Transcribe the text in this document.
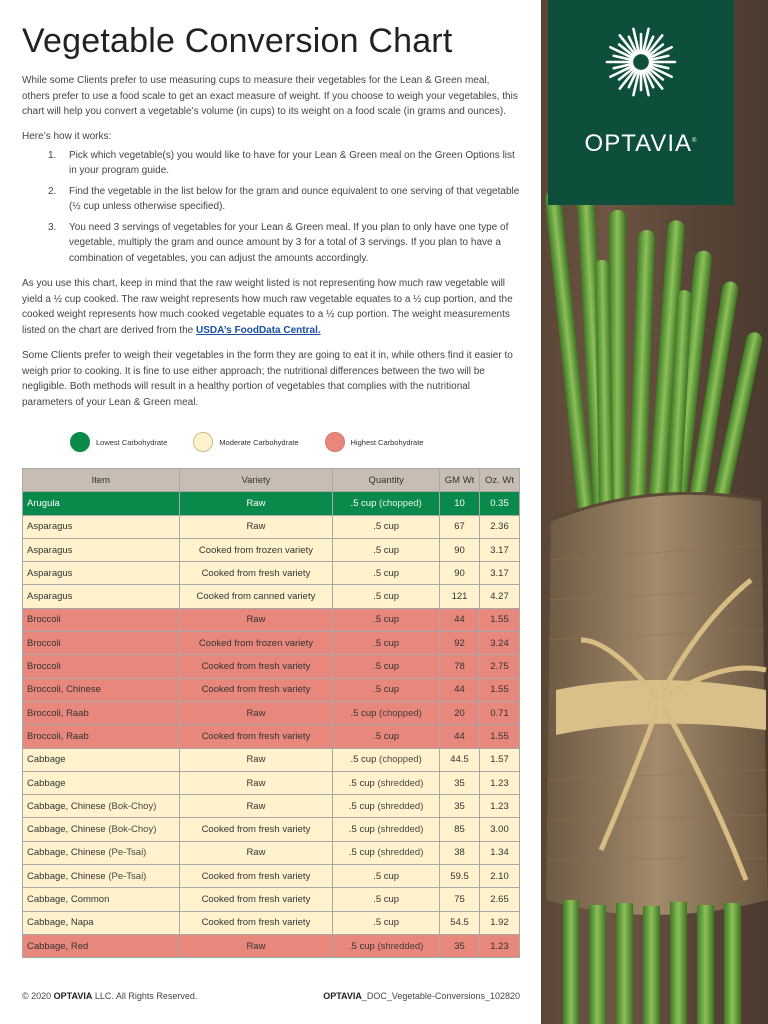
Vegetable Conversion Chart

While some Clients prefer to use measuring cups to measure their vegetables for the Lean & Green meal, others prefer to use a food scale to get an exact measure of weight. If you choose to weigh your vegetables, this chart will help you convert a vegetable’s volume (in cups) to its weight on a food scale (in grams and ounces).

Here’s how it works:

1. Pick which vegetable(s) you would like to have for your Lean & Green meal on the Green Options list in your program guide.
2. Find the vegetable in the list below for the gram and ounce equivalent to one serving of that vegetable (½ cup unless otherwise specified).
3. You need 3 servings of vegetables for your Lean & Green meal. If you plan to only have one type of vegetable, multiply the gram and ounce amount by 3 for a total of 3 servings. If you plan to have a combination of vegetables, you can adjust the amounts accordingly.

As you use this chart, keep in mind that the raw weight listed is not representing how much raw vegetable will yield a ½ cup cooked. The raw weight represents how much raw vegetable equates to a ½ cup portion, and the cooked weight represents how much cooked vegetable equates to a ½ cup portion. The weight measurements listed on the chart are derived from the USDA’s FoodData Central.

Some Clients prefer to weigh their vegetables in the form they are going to eat it in, while others find it easier to weigh prior to cooking. It is fine to use either approach; the nutritional differences between the two will be negligible. Both methods will result in a healthy portion of vegetables that complies with the nutritional parameters of your Lean & Green meal.

Lowest Carbohydrate	Moderate Carbohydrate	Highest Carbohydrate
Item	Variety	Quantity	GM Wt	Oz. Wt
Arugula	Raw	.5 cup (chopped)	10	0.35
Asparagus	Raw	.5 cup	67	2.36
Asparagus	Cooked from frozen variety	.5 cup	90	3.17
Asparagus	Cooked from fresh variety	.5 cup	90	3.17
Asparagus	Cooked from canned variety	.5 cup	121	4.27
Broccoli	Raw	.5 cup	44	1.55
Broccoli	Cooked from frozen variety	.5 cup	92	3.24
Broccoli	Cooked from fresh variety	.5 cup	78	2.75
Broccoli, Chinese	Cooked from fresh variety	.5 cup	44	1.55
Broccoli, Raab	Raw	.5 cup (chopped)	20	0.71
Broccoli, Raab	Cooked from fresh variety	.5 cup	44	1.55
Cabbage	Raw	.5 cup (chopped)	44.5	1.57
Cabbage	Raw	.5 cup (shredded)	35	1.23
Cabbage, Chinese (Bok-Choy)	Raw	.5 cup (shredded)	35	1.23
Cabbage, Chinese (Bok-Choy)	Cooked from fresh variety	.5 cup (shredded)	85	3.00
Cabbage, Chinese (Pe-Tsai)	Raw	.5 cup (shredded)	38	1.34
Cabbage, Chinese (Pe-Tsai)	Cooked from fresh variety	.5 cup	59.5	2.10
Cabbage, Common	Cooked from fresh variety	.5 cup	75	2.65
Cabbage, Napa	Cooked from fresh variety	.5 cup	54.5	1.92
Cabbage, Red	Raw	.5 cup (shredded)	35	1.23
© 2020 OPTAVIA LLC. All Rights Reserved.	OPTAVIA_DOC_Vegetable-Conversions_102820
OPTAVIA®
